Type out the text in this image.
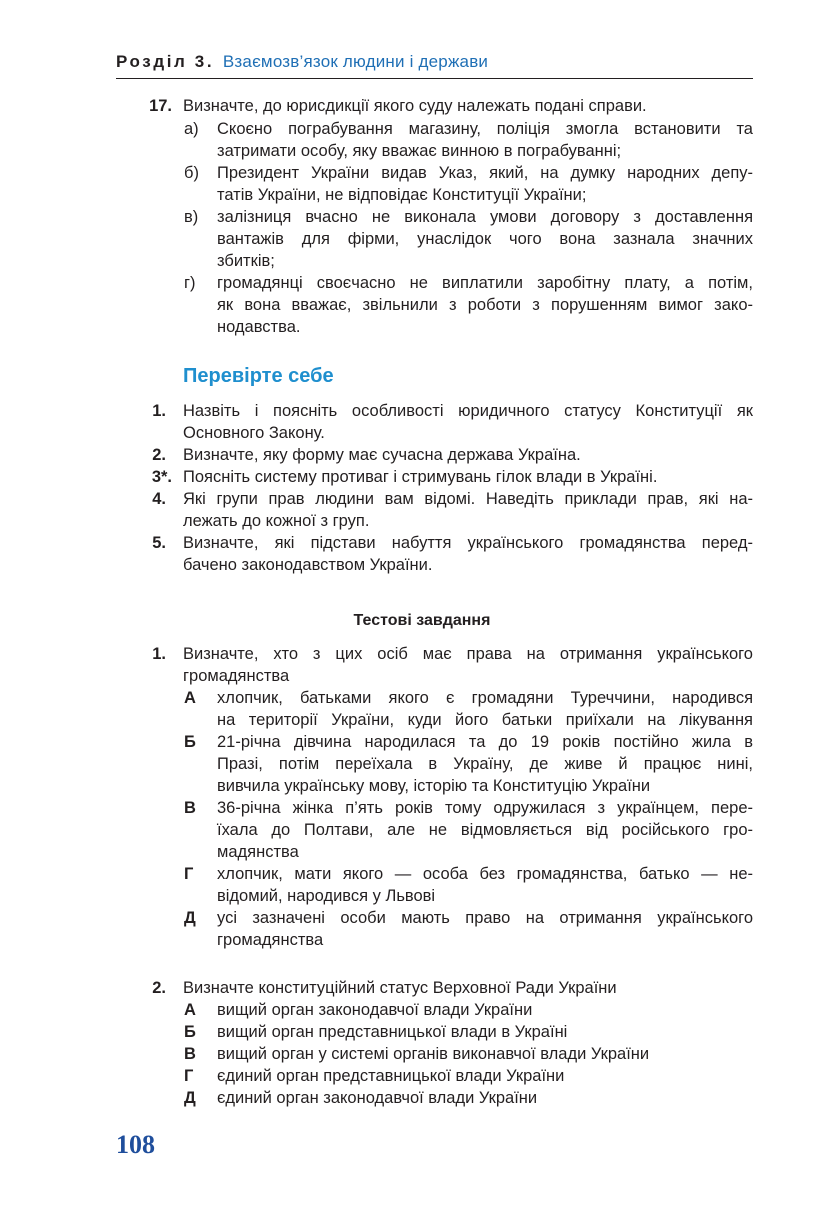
Розділ 3. Взаємозв’язок людини і держави
17. Визначте, до юрисдикції якого суду належать подані справи.
а) Скоєно пограбування магазину, поліція змогла встановити та
затримати особу, яку вважає винною в пограбуванні;
б) Президент України видав Указ, який, на думку народних депу-
татів України, не відповідає Конституції України;
в) залізниця вчасно не виконала умови договору з доставлення
вантажів для фірми, унаслідок чого вона зазнала значних
збитків;
г) громадянці своєчасно не виплатили заробітну плату, а потім,
як вона вважає, звільнили з роботи з порушенням вимог зако-
нодавства.
Перевірте себе
1. Назвіть і поясніть особливості юридичного статусу Конституції як
Основного Закону.
2. Визначте, яку форму має сучасна держава Україна.
3*. Поясніть систему противаг і стримувань гілок влади в Україні.
4. Які групи прав людини вам відомі. Наведіть приклади прав, які на-
лежать до кожної з груп.
5. Визначте, які підстави набуття українського громадянства перед-
бачено законодавством України.
Тестові завдання
1. Визначте, хто з цих осіб має права на отримання українського
громадянства
А хлопчик, батьками якого є громадяни Туреччини, народився
на території України, куди його батьки приїхали на лікування
Б 21-річна дівчина народилася та до 19 років постійно жила в
Празі, потім переїхала в Україну, де живе й працює нині,
вивчила українську мову, історію та Конституцію України
В 36-річна жінка п’ять років тому одружилася з українцем, пере-
їхала до Полтави, але не відмовляється від російського гро-
мадянства
Г хлопчик, мати якого — особа без громадянства, батько — не-
відомий, народився у Львові
Д усі зазначені особи мають право на отримання українського
громадянства
2. Визначте конституційний статус Верховної Ради України
А вищий орган законодавчої влади України
Б вищий орган представницької влади в Україні
В вищий орган у системі органів виконавчої влади України
Г єдиний орган представницької влади України
Д єдиний орган законодавчої влади України
108
